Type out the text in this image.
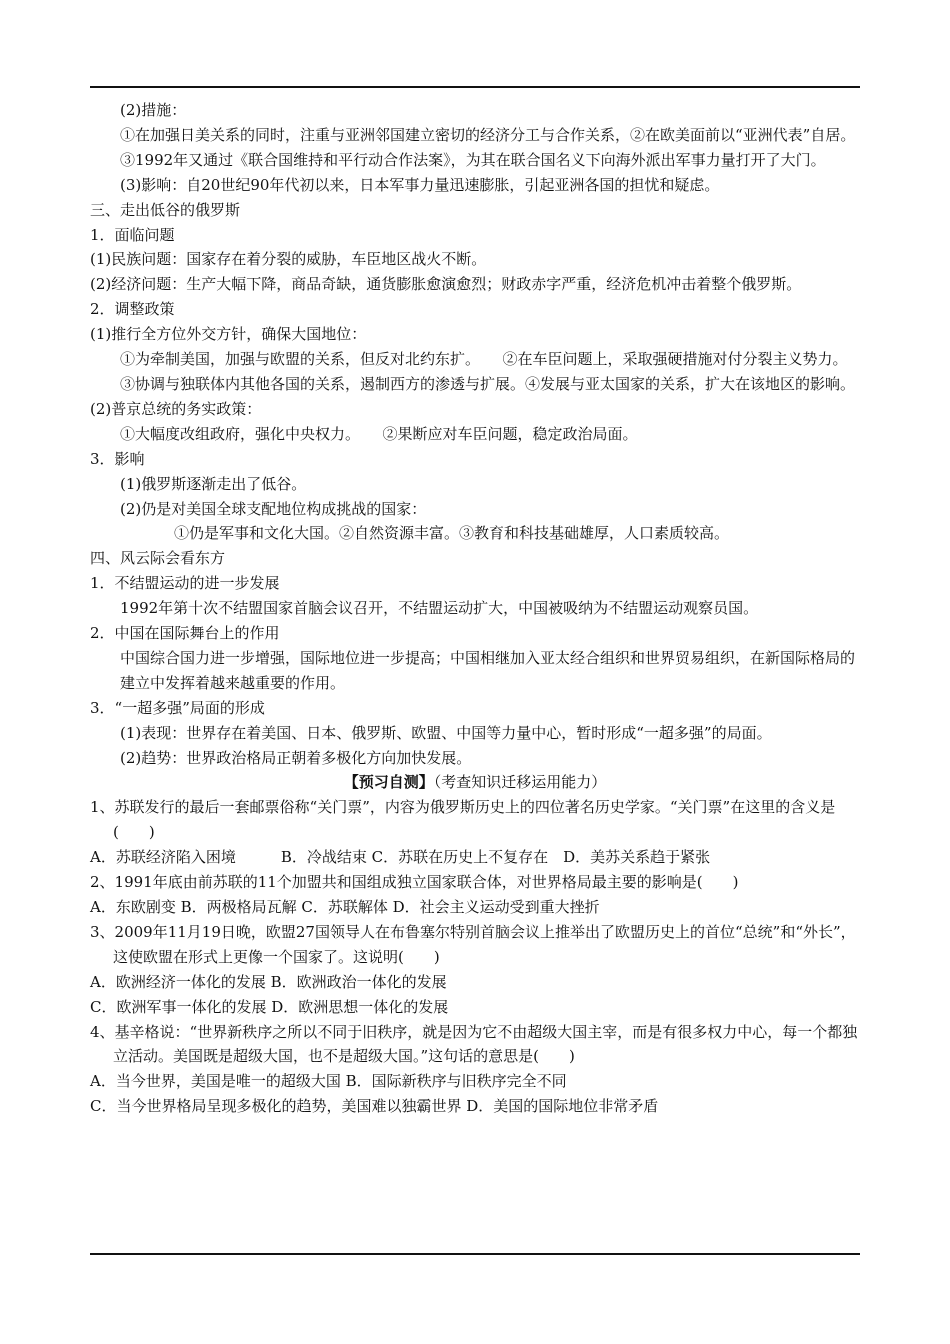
(2)措施：
①在加强日美关系的同时，注重与亚洲邻国建立密切的经济分工与合作关系，②在欧美面前以“亚洲代表”自居。
③1992年又通过《联合国维持和平行动合作法案》，为其在联合国名义下向海外派出军事力量打开了大门。
(3)影响：自20世纪90年代初以来，日本军事力量迅速膨胀，引起亚洲各国的担忧和疑虑。
三、走出低谷的俄罗斯
1．面临问题
(1)民族问题：国家存在着分裂的威胁，车臣地区战火不断。
(2)经济问题：生产大幅下降，商品奇缺，通货膨胀愈演愈烈；财政赤字严重，经济危机冲击着整个俄罗斯。
2．调整政策
(1)推行全方位外交方针，确保大国地位：
①为牵制美国，加强与欧盟的关系，但反对北约东扩。　　②在车臣问题上，采取强硬措施对付分裂主义势力。
③协调与独联体内其他各国的关系，遏制西方的渗透与扩展。④发展与亚太国家的关系，扩大在该地区的影响。
(2)普京总统的务实政策：
①大幅度改组政府，强化中央权力。　　②果断应对车臣问题，稳定政治局面。
3．影响
(1)俄罗斯逐渐走出了低谷。
(2)仍是对美国全球支配地位构成挑战的国家：
①仍是军事和文化大国。②自然资源丰富。③教育和科技基础雄厚，人口素质较高。
四、风云际会看东方
1．不结盟运动的进一步发展
1992年第十次不结盟国家首脑会议召开，不结盟运动扩大，中国被吸纳为不结盟运动观察员国。
2．中国在国际舞台上的作用
中国综合国力进一步增强，国际地位进一步提高；中国相继加入亚太经合组织和世界贸易组织，在新国际格局的建立中发挥着越来越重要的作用。
3．“一超多强”局面的形成
(1)表现：世界存在着美国、日本、俄罗斯、欧盟、中国等力量中心，暂时形成“一超多强”的局面。
(2)趋势：世界政治格局正朝着多极化方向加快发展。
【预习自测】（考查知识迁移运用能力）
1、苏联发行的最后一套邮票俗称“关门票”，内容为俄罗斯历史上的四位著名历史学家。“关门票”在这里的含义是(　　)
A．苏联经济陷入困境　　　B．冷战结束 C．苏联在历史上不复存在　D．美苏关系趋于紧张
2、1991年底由前苏联的11个加盟共和国组成独立国家联合体，对世界格局最主要的影响是(　　)
A．东欧剧变 B．两极格局瓦解 C．苏联解体 D．社会主义运动受到重大挫折
3、2009年11月19日晚，欧盟27国领导人在布鲁塞尔特别首脑会议上推举出了欧盟历史上的首位“总统”和“外长”，这使欧盟在形式上更像一个国家了。这说明(　　)
A．欧洲经济一体化的发展 B．欧洲政治一体化的发展
C．欧洲军事一体化的发展 D．欧洲思想一体化的发展
4、基辛格说：“世界新秩序之所以不同于旧秩序，就是因为它不由超级大国主宰，而是有很多权力中心，每一个都独立活动。美国既是超级大国，也不是超级大国。”这句话的意思是(　　)
A．当今世界，美国是唯一的超级大国 B．国际新秩序与旧秩序完全不同
C．当今世界格局呈现多极化的趋势，美国难以独霸世界 D．美国的国际地位非常矛盾
